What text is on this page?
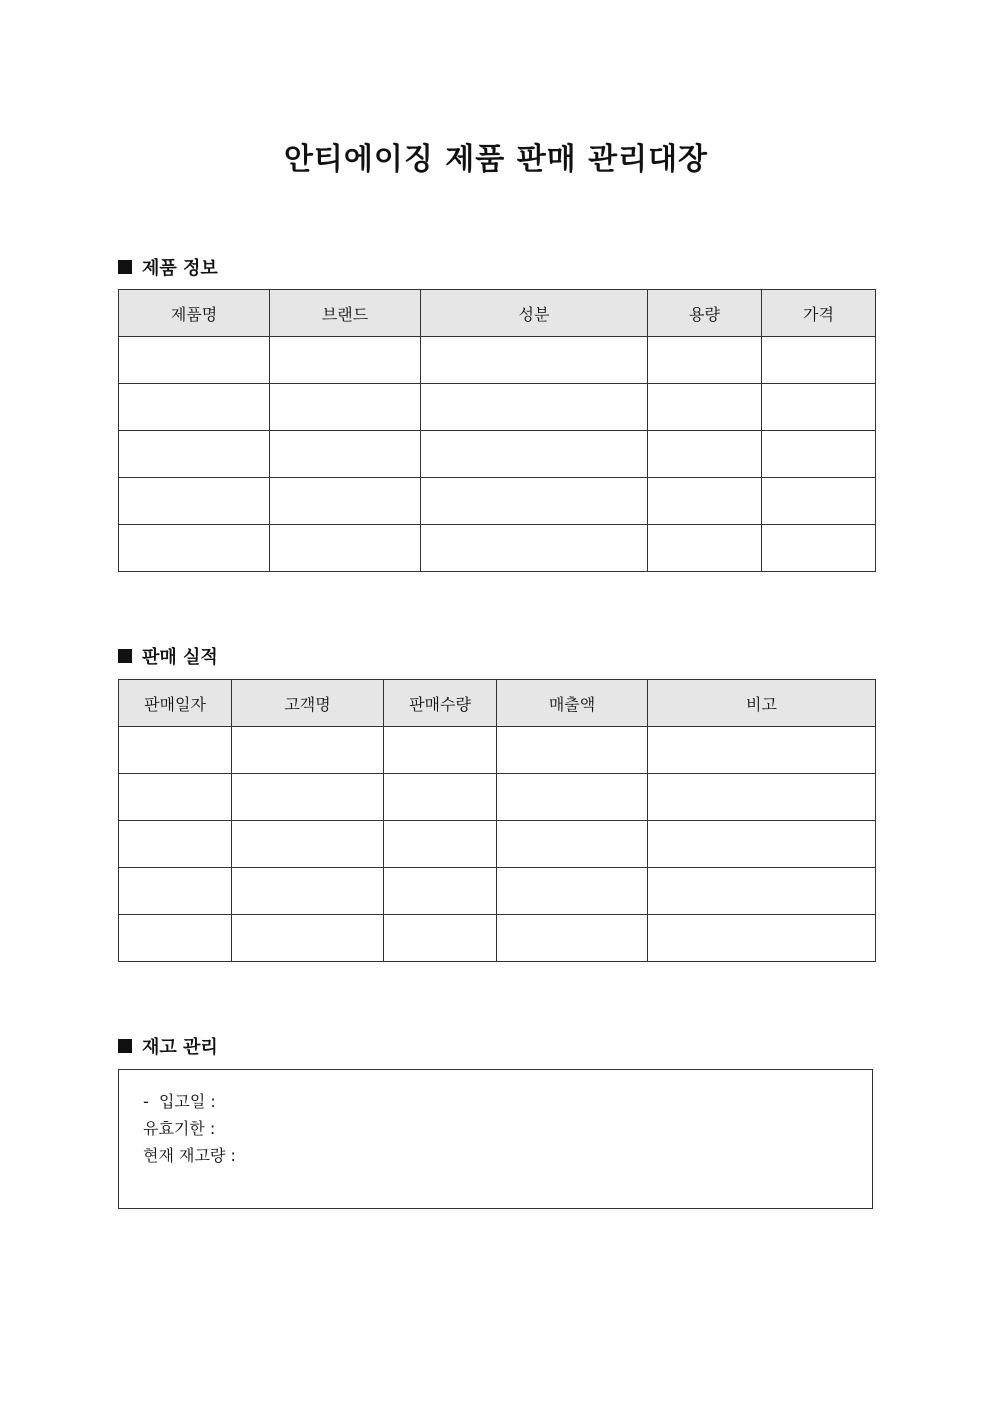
안티에이징 제품 판매 관리대장
제품 정보
제품명	브랜드	성분	용량	가격

판매 실적
판매일자	고객명	판매수량	매출액	비고

재고 관리
-  입고일 :
유효기한 :
현재 재고량 :
